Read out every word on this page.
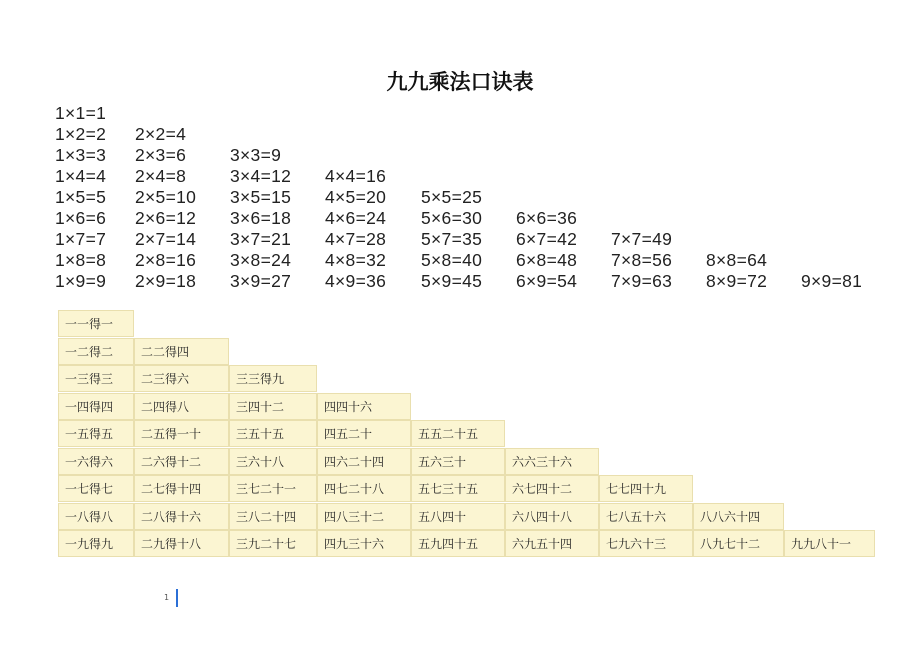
九九乘法口诀表
1×1=1
1×2=2 2×2=4
1×3=3 2×3=6	3×3=9
1×4=4 2×4=8	3×4=12 4×4=16
1×5=5 2×5=10 3×5=15 4×5=20 5×5=25
1×6=6 2×6=12 3×6=18 4×6=24 5×6=30 6×6=36
1×7=7 2×7=14 3×7=21 4×7=28 5×7=35 6×7=42 7×7=49
1×8=8 2×8=16 3×8=24 4×8=32 5×8=40 6×8=48 7×8=56 8×8=64
1×9=9 2×9=18 3×9=27 4×9=36 5×9=45 6×9=54 7×9=63 8×9=72 9×9=81
一一得一
一二得二	二二得四
一三得三	二三得六	三三得九
一四得四	二四得八	三四十二	四四十六
一五得五	二五得一十	三五十五	四五二十	五五二十五
一六得六	二六得十二	三六十八	四六二十四	五六三十	六六三十六
一七得七	二七得十四	三七二十一	四七二十八	五七三十五	六七四十二	七七四十九
一八得八	二八得十六	三八二十四	四八三十二	五八四十	六八四十八	七八五十六	八八六十四
一九得九	二九得十八	三九二十七	四九三十六	五九四十五	六九五十四	七九六十三	八九七十二	九九八十一
1
